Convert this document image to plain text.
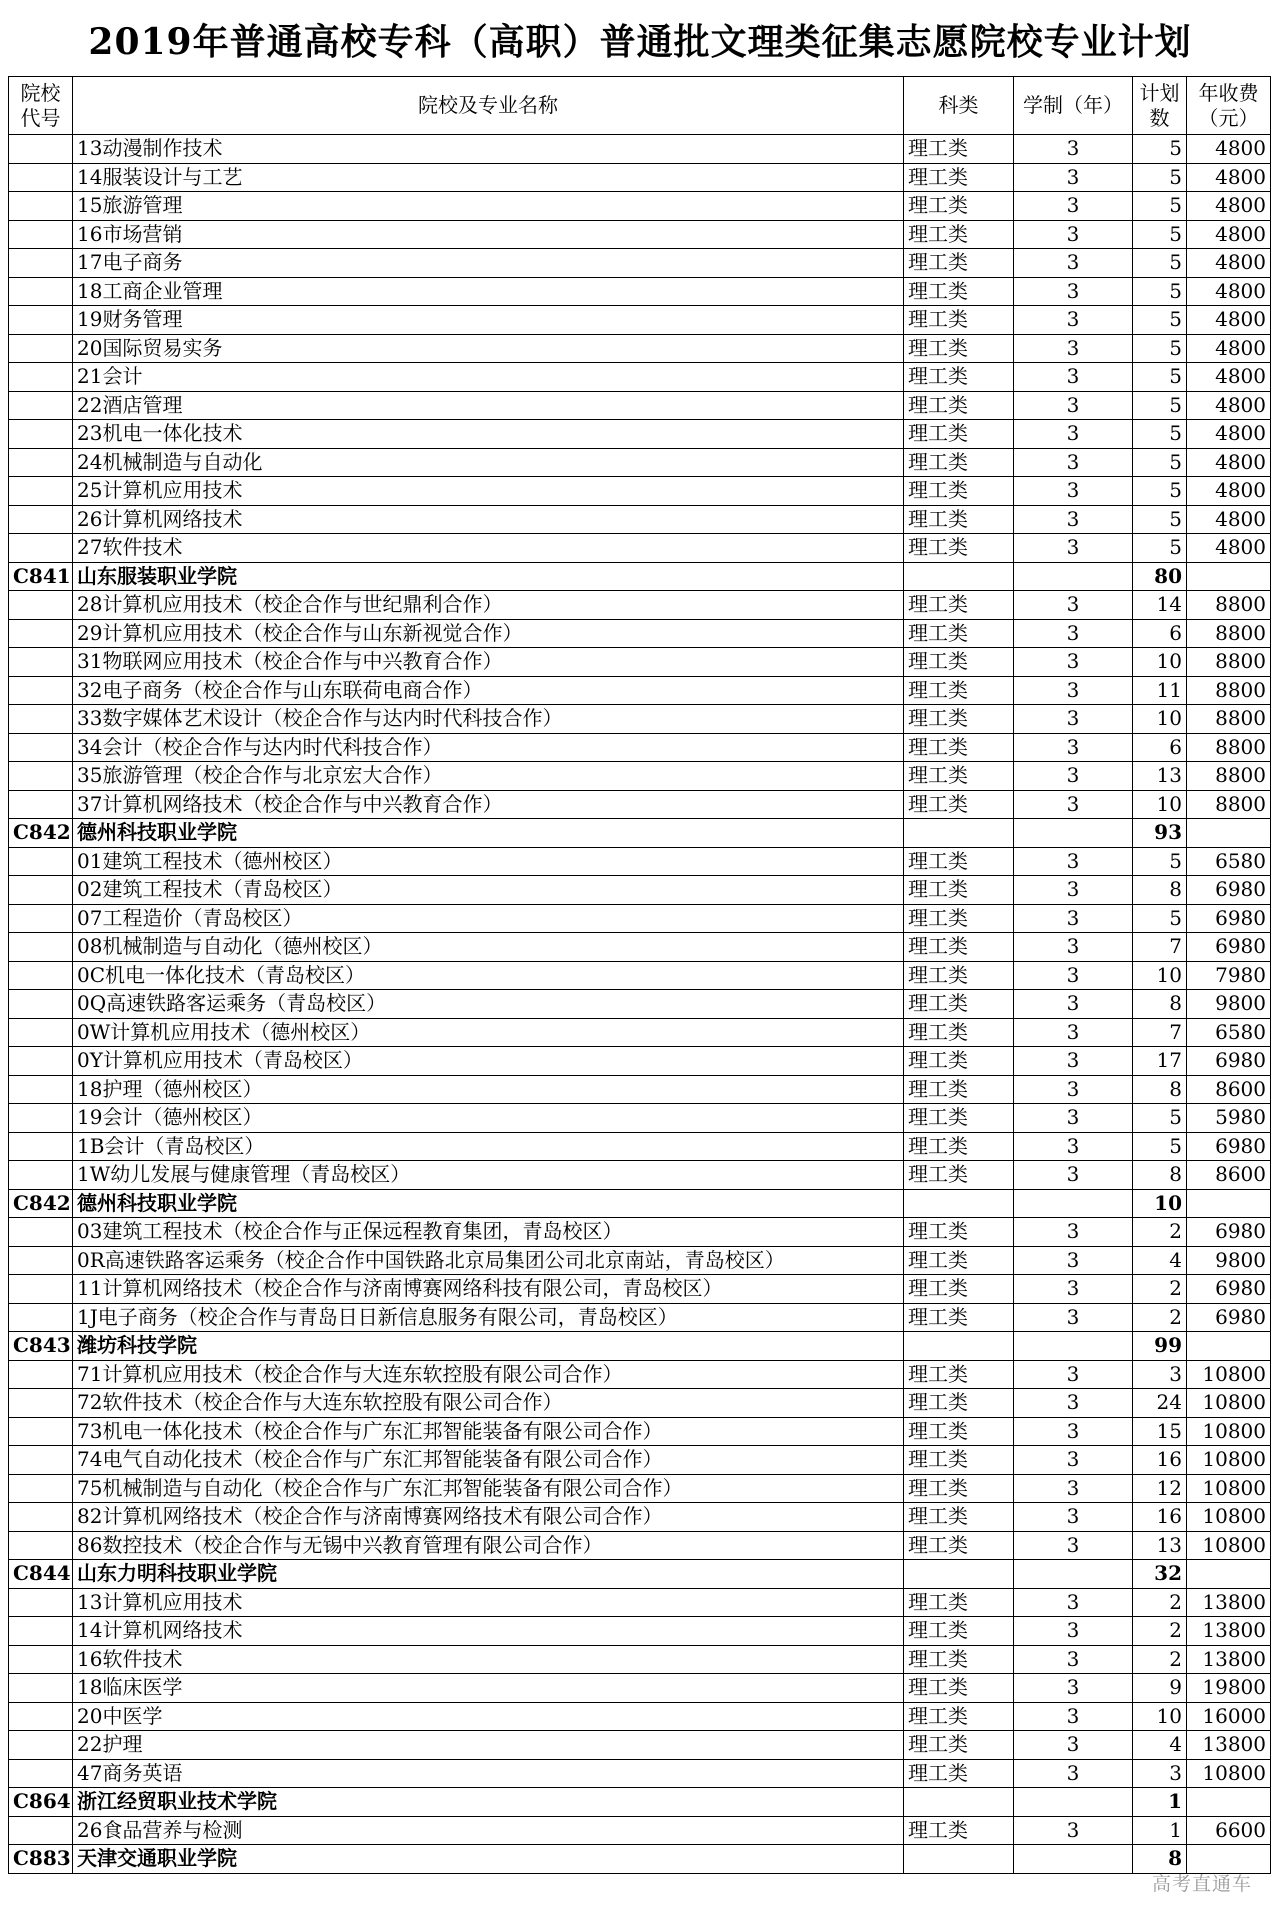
2019年普通高校专科（高职）普通批文理类征集志愿院校专业计划
院校代号	院校及专业名称	科类	学制（年）	计划数	年收费（元）
	13动漫制作技术	理工类	3	5	4800
	14服装设计与工艺	理工类	3	5	4800
	15旅游管理	理工类	3	5	4800
	16市场营销	理工类	3	5	4800
	17电子商务	理工类	3	5	4800
	18工商企业管理	理工类	3	5	4800
	19财务管理	理工类	3	5	4800
	20国际贸易实务	理工类	3	5	4800
	21会计	理工类	3	5	4800
	22酒店管理	理工类	3	5	4800
	23机电一体化技术	理工类	3	5	4800
	24机械制造与自动化	理工类	3	5	4800
	25计算机应用技术	理工类	3	5	4800
	26计算机网络技术	理工类	3	5	4800
	27软件技术	理工类	3	5	4800
C841	山东服装职业学院			80	
	28计算机应用技术（校企合作与世纪鼎利合作）	理工类	3	14	8800
	29计算机应用技术（校企合作与山东新视觉合作）	理工类	3	6	8800
	31物联网应用技术（校企合作与中兴教育合作）	理工类	3	10	8800
	32电子商务（校企合作与山东联荷电商合作）	理工类	3	11	8800
	33数字媒体艺术设计（校企合作与达内时代科技合作）	理工类	3	10	8800
	34会计（校企合作与达内时代科技合作）	理工类	3	6	8800
	35旅游管理（校企合作与北京宏大合作）	理工类	3	13	8800
	37计算机网络技术（校企合作与中兴教育合作）	理工类	3	10	8800
C842	德州科技职业学院			93	
	01建筑工程技术（德州校区）	理工类	3	5	6580
	02建筑工程技术（青岛校区）	理工类	3	8	6980
	07工程造价（青岛校区）	理工类	3	5	6980
	08机械制造与自动化（德州校区）	理工类	3	7	6980
	0C机电一体化技术（青岛校区）	理工类	3	10	7980
	0Q高速铁路客运乘务（青岛校区）	理工类	3	8	9800
	0W计算机应用技术（德州校区）	理工类	3	7	6580
	0Y计算机应用技术（青岛校区）	理工类	3	17	6980
	18护理（德州校区）	理工类	3	8	8600
	19会计（德州校区）	理工类	3	5	5980
	1B会计（青岛校区）	理工类	3	5	6980
	1W幼儿发展与健康管理（青岛校区）	理工类	3	8	8600
C842	德州科技职业学院			10	
	03建筑工程技术（校企合作与正保远程教育集团，青岛校区）	理工类	3	2	6980
	0R高速铁路客运乘务（校企合作中国铁路北京局集团公司北京南站，青岛校区）	理工类	3	4	9800
	11计算机网络技术（校企合作与济南博赛网络科技有限公司，青岛校区）	理工类	3	2	6980
	1J电子商务（校企合作与青岛日日新信息服务有限公司，青岛校区）	理工类	3	2	6980
C843	潍坊科技学院			99	
	71计算机应用技术（校企合作与大连东软控股有限公司合作）	理工类	3	3	10800
	72软件技术（校企合作与大连东软控股有限公司合作）	理工类	3	24	10800
	73机电一体化技术（校企合作与广东汇邦智能装备有限公司合作）	理工类	3	15	10800
	74电气自动化技术（校企合作与广东汇邦智能装备有限公司合作）	理工类	3	16	10800
	75机械制造与自动化（校企合作与广东汇邦智能装备有限公司合作）	理工类	3	12	10800
	82计算机网络技术（校企合作与济南博赛网络技术有限公司合作）	理工类	3	16	10800
	86数控技术（校企合作与无锡中兴教育管理有限公司合作）	理工类	3	13	10800
C844	山东力明科技职业学院			32	
	13计算机应用技术	理工类	3	2	13800
	14计算机网络技术	理工类	3	2	13800
	16软件技术	理工类	3	2	13800
	18临床医学	理工类	3	9	19800
	20中医学	理工类	3	10	16000
	22护理	理工类	3	4	13800
	47商务英语	理工类	3	3	10800
C864	浙江经贸职业技术学院			1	
	26食品营养与检测	理工类	3	1	6600
C883	天津交通职业学院			8	
高考直通车
